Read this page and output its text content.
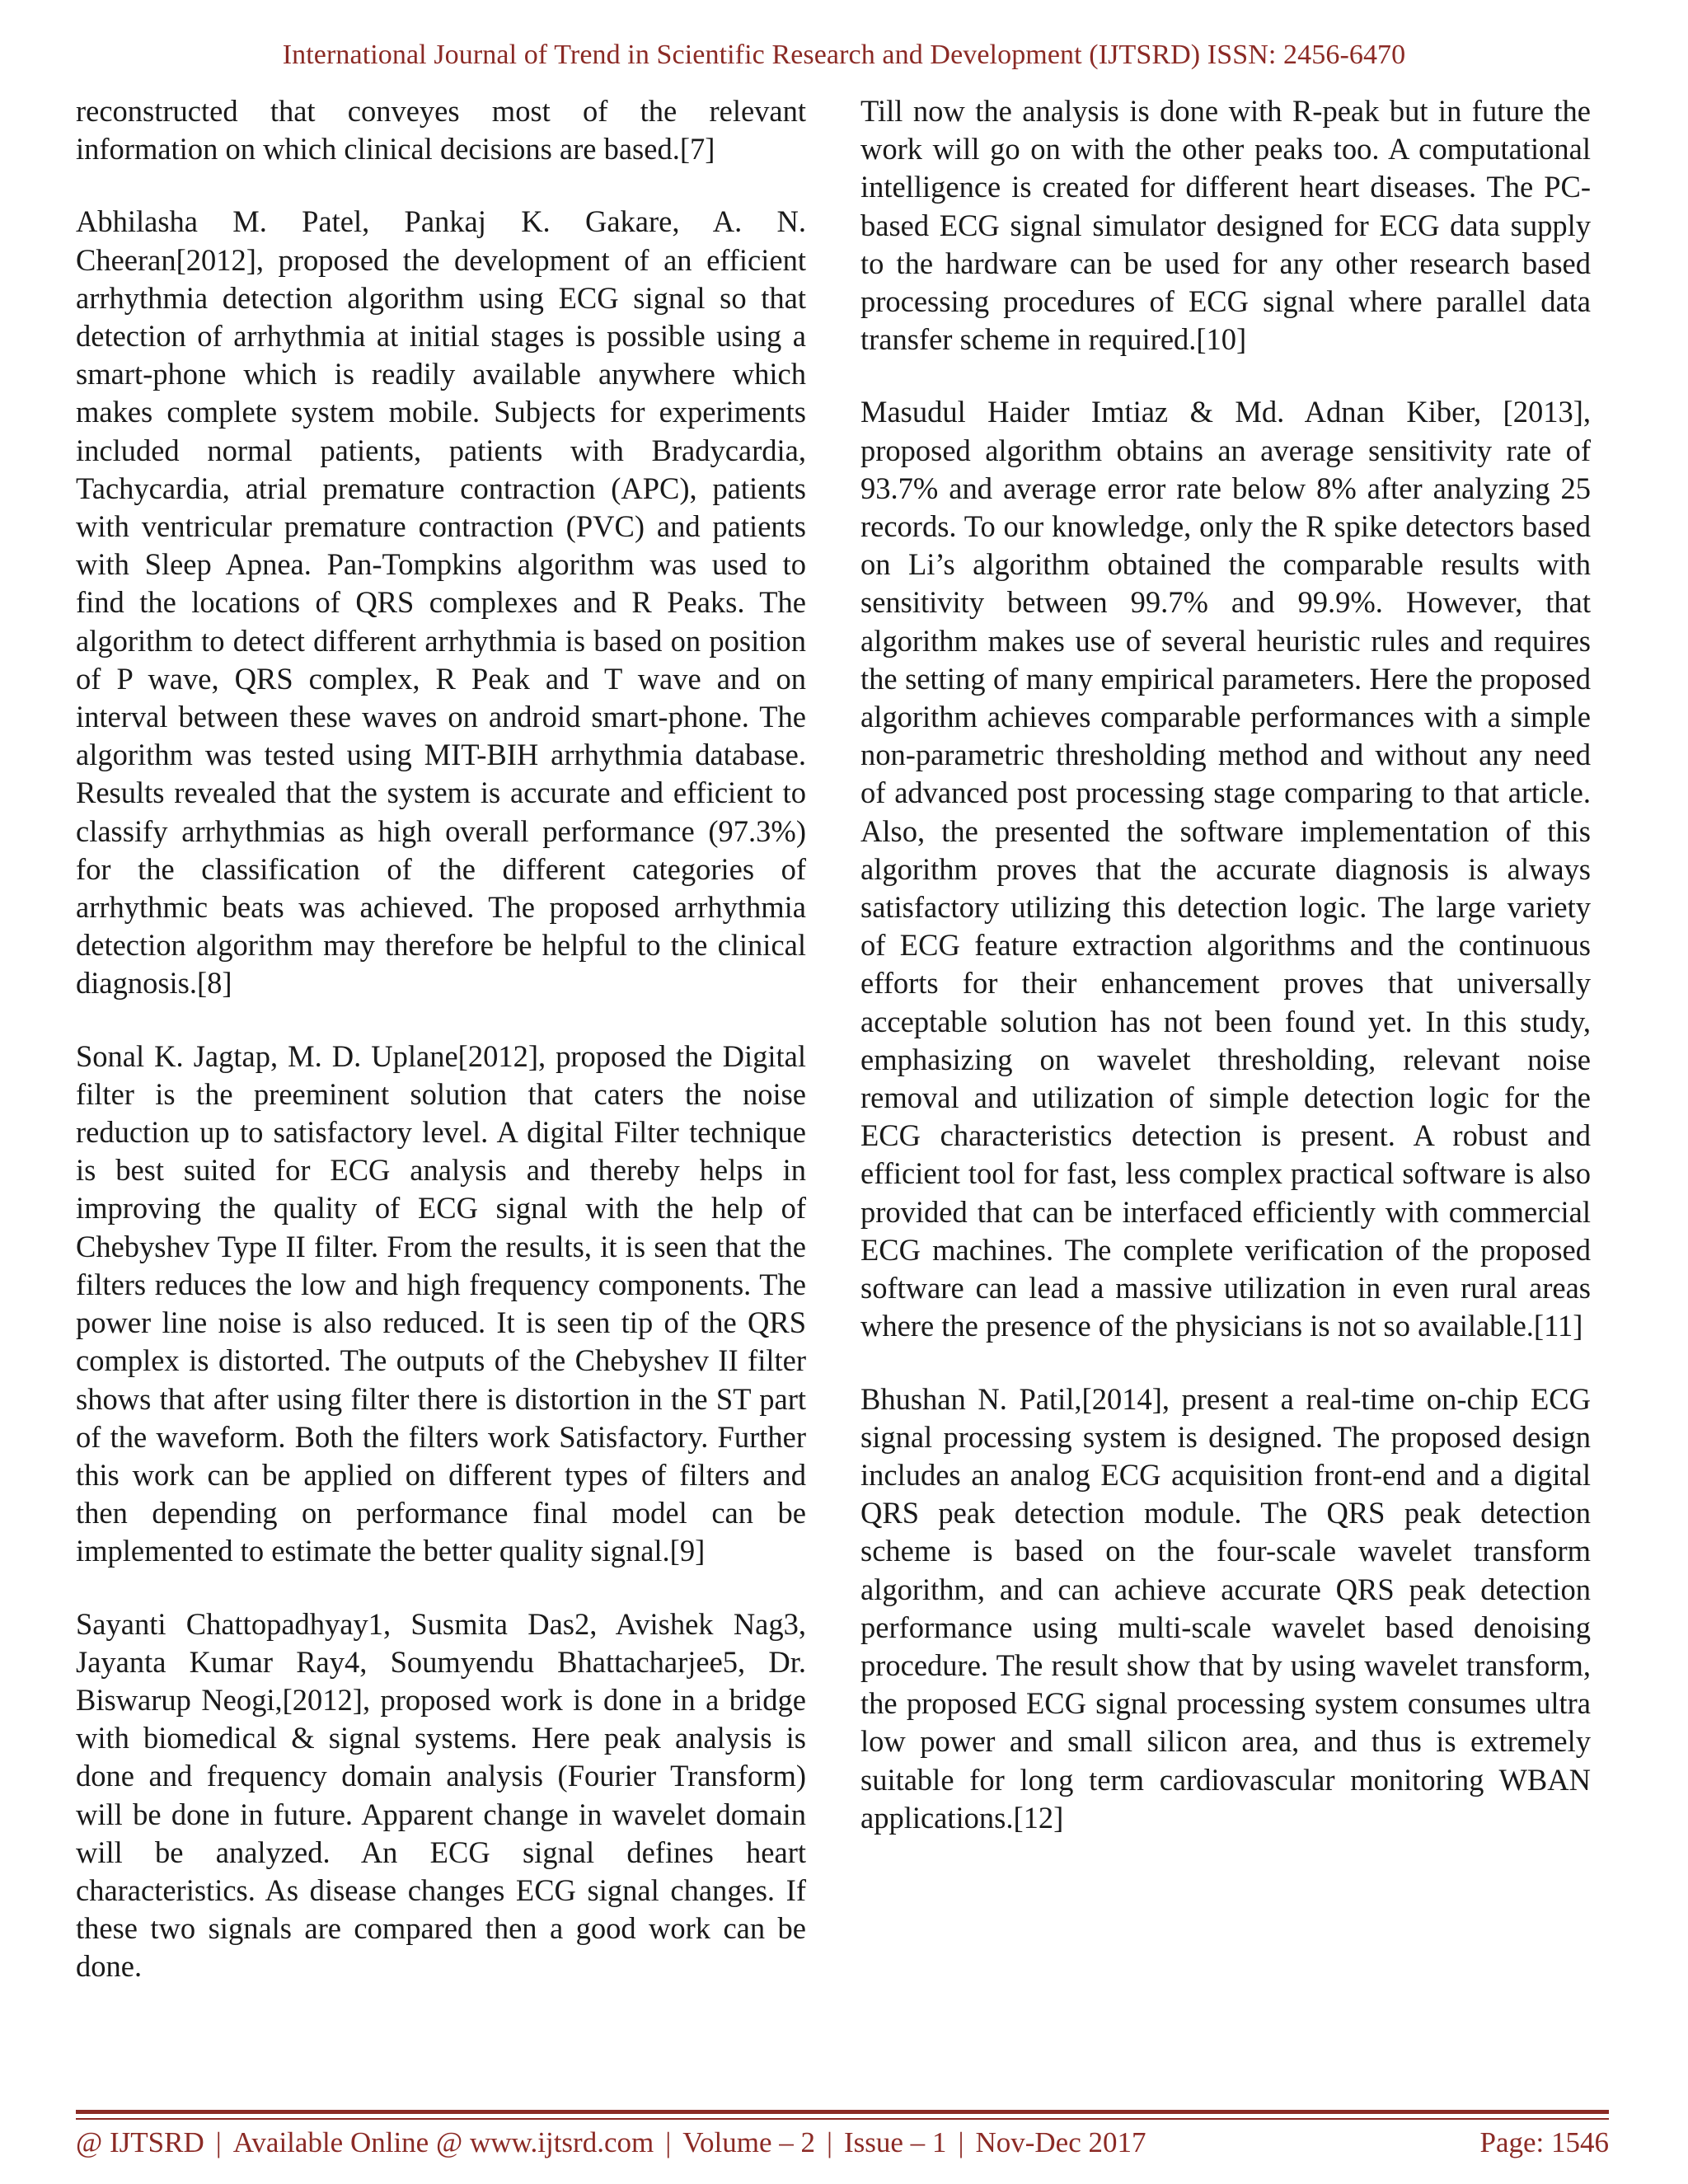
International Journal of Trend in Scientific Research and Development (IJTSRD) ISSN: 2456-6470

reconstructed that conveyes most of the relevant information on which clinical decisions are based.[7]

Abhilasha M. Patel, Pankaj K. Gakare, A. N. Cheeran[2012], proposed the development of an efficient arrhythmia detection algorithm using ECG signal so that detection of arrhythmia at initial stages is possible using a smart-phone which is readily available anywhere which makes complete system mobile. Subjects for experiments included normal patients, patients with Bradycardia, Tachycardia, atrial premature contraction (APC), patients with ventricular premature contraction (PVC) and patients with Sleep Apnea. Pan-Tompkins algorithm was used to find the locations of QRS complexes and R Peaks. The algorithm to detect different arrhythmia is based on position of P wave, QRS complex, R Peak and T wave and on interval between these waves on android smart-phone. The algorithm was tested using MIT-BIH arrhythmia database. Results revealed that the system is accurate and efficient to classify arrhythmias as high overall performance (97.3%) for the classification of the different categories of arrhythmic beats was achieved. The proposed arrhythmia detection algorithm may therefore be helpful to the clinical diagnosis.[8]

Sonal K. Jagtap, M. D. Uplane[2012], proposed the Digital filter is the preeminent solution that caters the noise reduction up to satisfactory level. A digital Filter technique is best suited for ECG analysis and thereby helps in improving the quality of ECG signal with the help of Chebyshev Type II filter. From the results, it is seen that the filters reduces the low and high frequency components. The power line noise is also reduced. It is seen tip of the QRS complex is distorted. The outputs of the Chebyshev II filter shows that after using filter there is distortion in the ST part of the waveform. Both the filters work Satisfactory. Further this work can be applied on different types of filters and then depending on performance final model can be implemented to estimate the better quality signal.[9]

Sayanti Chattopadhyay1, Susmita Das2, Avishek Nag3, Jayanta Kumar Ray4, Soumyendu Bhattacharjee5, Dr. Biswarup Neogi,[2012], proposed work is done in a bridge with biomedical & signal systems. Here peak analysis is done and frequency domain analysis (Fourier Transform) will be done in future. Apparent change in wavelet domain will be analyzed. An ECG signal defines heart characteristics. As disease changes ECG signal changes. If these two signals are compared then a good work can be done.

Till now the analysis is done with R-peak but in future the work will go on with the other peaks too. A computational intelligence is created for different heart diseases. The PC-based ECG signal simulator designed for ECG data supply to the hardware can be used for any other research based processing procedures of ECG signal where parallel data transfer scheme in required.[10]

Masudul Haider Imtiaz & Md. Adnan Kiber, [2013], proposed algorithm obtains an average sensitivity rate of 93.7% and average error rate below 8% after analyzing 25 records. To our knowledge, only the R spike detectors based on Li’s algorithm obtained the comparable results with sensitivity between 99.7% and 99.9%. However, that algorithm makes use of several heuristic rules and requires the setting of many empirical parameters. Here the proposed algorithm achieves comparable performances with a simple non-parametric thresholding method and without any need of advanced post processing stage comparing to that article. Also, the presented the software implementation of this algorithm proves that the accurate diagnosis is always satisfactory utilizing this detection logic. The large variety of ECG feature extraction algorithms and the continuous efforts for their enhancement proves that universally acceptable solution has not been found yet. In this study, emphasizing on wavelet thresholding, relevant noise removal and utilization of simple detection logic for the ECG characteristics detection is present. A robust and efficient tool for fast, less complex practical software is also provided that can be interfaced efficiently with commercial ECG machines. The complete verification of the proposed software can lead a massive utilization in even rural areas where the presence of the physicians is not so available.[11]

Bhushan N. Patil,[2014], present a real-time on-chip ECG signal processing system is designed. The proposed design includes an analog ECG acquisition front-end and a digital QRS peak detection module. The QRS peak detection scheme is based on the four-scale wavelet transform algorithm, and can achieve accurate QRS peak detection performance using multi-scale wavelet based denoising procedure. The result show that by using wavelet transform, the proposed ECG signal processing system consumes ultra low power and small silicon area, and thus is extremely suitable for long term cardiovascular monitoring WBAN applications.[12]

@ IJTSRD | Available Online @ www.ijtsrd.com | Volume – 2 | Issue – 1 | Nov-Dec 2017	Page: 1546
